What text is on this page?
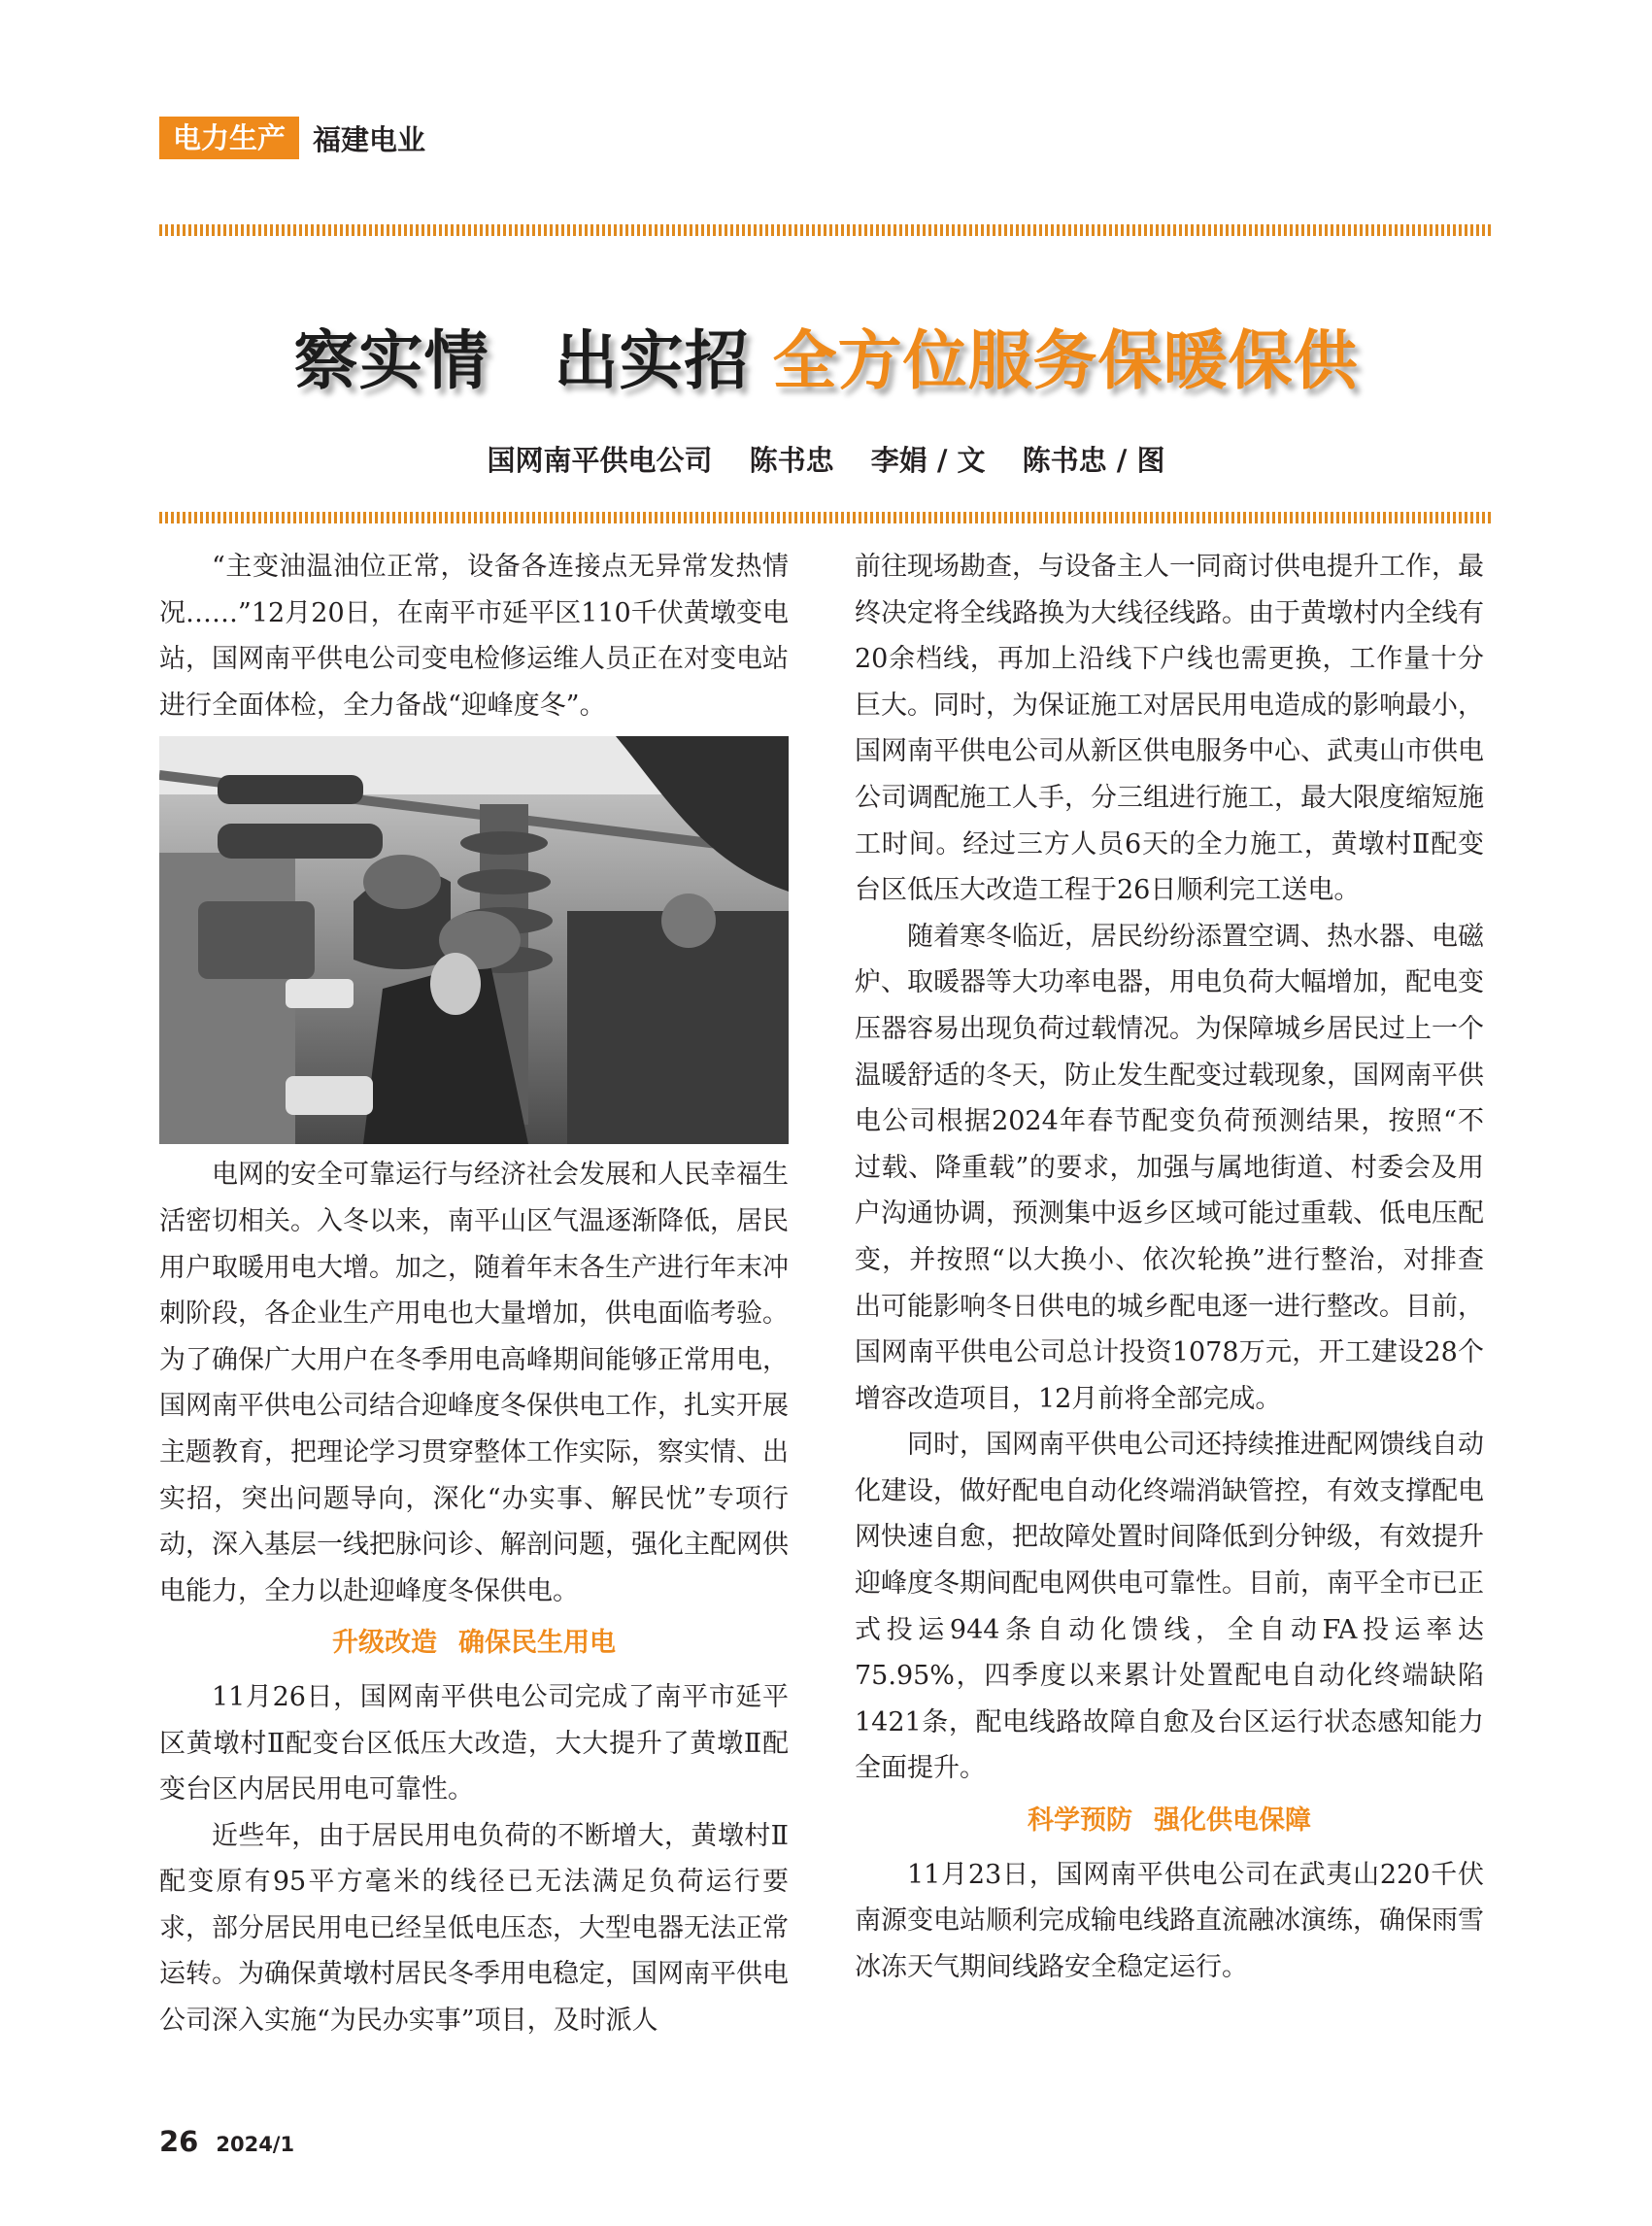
电力生产 福建电业
察实情　出实招 全方位服务保暖保供
国网南平供电公司 陈书忠 李娟 / 文 陈书忠 / 图

“主变油温油位正常，设备各连接点无异常发热情况……”12月20日，在南平市延平区110千伏黄墩变电站，国网南平供电公司变电检修运维人员正在对变电站进行全面体检，全力备战“迎峰度冬”。

电网的安全可靠运行与经济社会发展和人民幸福生活密切相关。入冬以来，南平山区气温逐渐降低，居民用户取暖用电大增。加之，随着年末各生产进行年末冲刺阶段，各企业生产用电也大量增加，供电面临考验。为了确保广大用户在冬季用电高峰期间能够正常用电，国网南平供电公司结合迎峰度冬保供电工作，扎实开展主题教育，把理论学习贯穿整体工作实际，察实情、出实招，突出问题导向，深化“办实事、解民忧”专项行动，深入基层一线把脉问诊、解剖问题，强化主配网供电能力，全力以赴迎峰度冬保供电。

升级改造 确保民生用电

11月26日，国网南平供电公司完成了南平市延平区黄墩村Ⅱ配变台区低压大改造，大大提升了黄墩Ⅱ配变台区内居民用电可靠性。

近些年，由于居民用电负荷的不断增大，黄墩村Ⅱ配变原有95平方毫米的线径已无法满足负荷运行要求，部分居民用电已经呈低电压态，大型电器无法正常运转。为确保黄墩村居民冬季用电稳定，国网南平供电公司深入实施“为民办实事”项目，及时派人

前往现场勘查，与设备主人一同商讨供电提升工作，最终决定将全线路换为大线径线路。由于黄墩村内全线有20余档线，再加上沿线下户线也需更换，工作量十分巨大。同时，为保证施工对居民用电造成的影响最小，国网南平供电公司从新区供电服务中心、武夷山市供电公司调配施工人手，分三组进行施工，最大限度缩短施工时间。经过三方人员6天的全力施工，黄墩村Ⅱ配变台区低压大改造工程于26日顺利完工送电。

随着寒冬临近，居民纷纷添置空调、热水器、电磁炉、取暖器等大功率电器，用电负荷大幅增加，配电变压器容易出现负荷过载情况。为保障城乡居民过上一个温暖舒适的冬天，防止发生配变过载现象，国网南平供电公司根据2024年春节配变负荷预测结果，按照“不过载、降重载”的要求，加强与属地街道、村委会及用户沟通协调，预测集中返乡区域可能过重载、低电压配变，并按照“以大换小、依次轮换”进行整治，对排查出可能影响冬日供电的城乡配电逐一进行整改。目前，国网南平供电公司总计投资1078万元，开工建设28个增容改造项目，12月前将全部完成。

同时，国网南平供电公司还持续推进配网馈线自动化建设，做好配电自动化终端消缺管控，有效支撑配电网快速自愈，把故障处置时间降低到分钟级，有效提升迎峰度冬期间配电网供电可靠性。目前，南平全市已正式投运944条自动化馈线，全自动FA投运率达75.95%，四季度以来累计处置配电自动化终端缺陷1421条，配电线路故障自愈及台区运行状态感知能力全面提升。

科学预防 强化供电保障

11月23日，国网南平供电公司在武夷山220千伏南源变电站顺利完成输电线路直流融冰演练，确保雨雪冰冻天气期间线路安全稳定运行。

26 2024/1
